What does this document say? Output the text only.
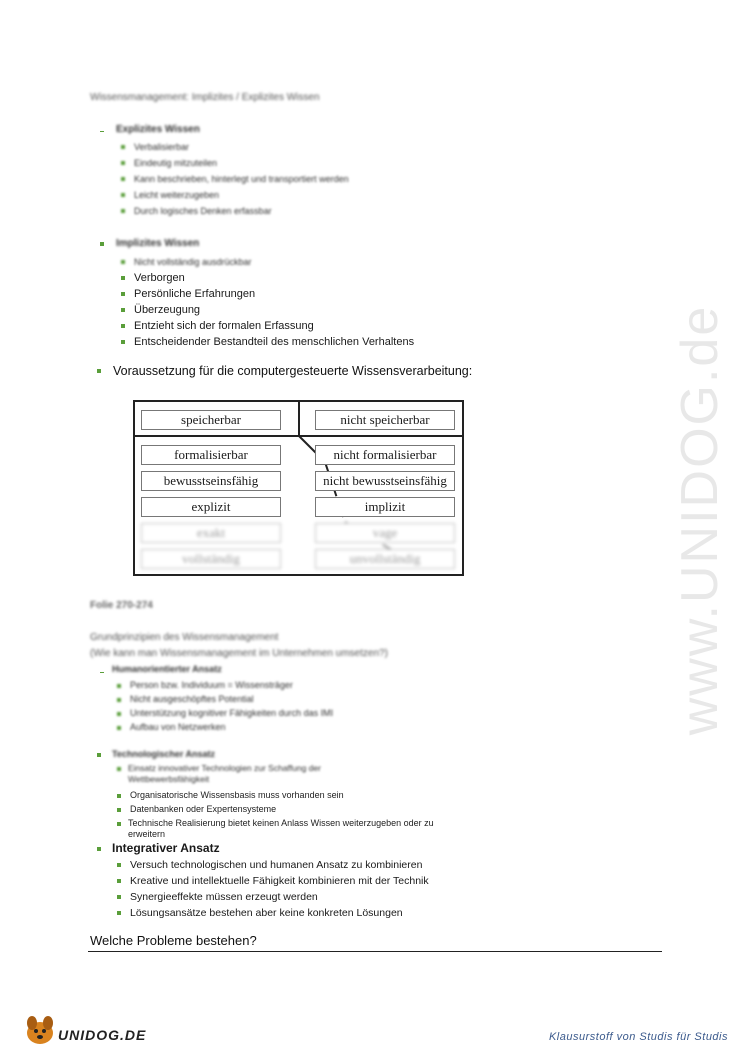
www.UNIDOG.de
Wissensmanagement: Implizites / Explizites Wissen
Explizites Wissen
Verbalisierbar
Eindeutig mitzuteilen
Kann beschrieben, hinterlegt und transportiert werden
Leicht weiterzugeben
Durch logisches Denken erfassbar
Implizites Wissen
Nicht vollständig ausdrückbar
Verborgen
Persönliche Erfahrungen
Überzeugung
Entzieht sich der formalen Erfassung
Entscheidender Bestandteil des menschlichen Verhaltens
Voraussetzung für die computergesteuerte Wissensverarbeitung:
speicherbar	nicht speicherbar
formalisierbar
bewusstseinsfähig
explizit
nicht formalisierbar
nicht bewusstseinsfähig
implizit
Folie 270-274
Grundprinzipien des Wissensmanagement
(Wie kann man Wissensmanagement im Unternehmen umsetzen?)
Humanorientierter Ansatz
Person bzw. Individuum = Wissensträger
Nicht ausgeschöpftes Potential
Unterstützung kognitiver Fähigkeiten durch das IMI
Aufbau von Netzwerken
Technologischer Ansatz
Einsatz innovativer Technologien zur Schaffung der Wettbewerbsfähigkeit
Organisatorische Wissensbasis muss vorhanden sein
Datenbanken oder Expertensysteme
Technische Realisierung bietet keinen Anlass Wissen weiterzugeben oder zu erweitern
Integrativer Ansatz
Versuch technologischen und humanen Ansatz zu kombinieren
Kreative und intellektuelle Fähigkeit kombinieren mit der Technik
Synergieeffekte müssen erzeugt werden
Lösungsansätze bestehen aber keine konkreten Lösungen
Welche Probleme bestehen?
UNIDOG.DE	Klausurstoff von Studis für Studis
